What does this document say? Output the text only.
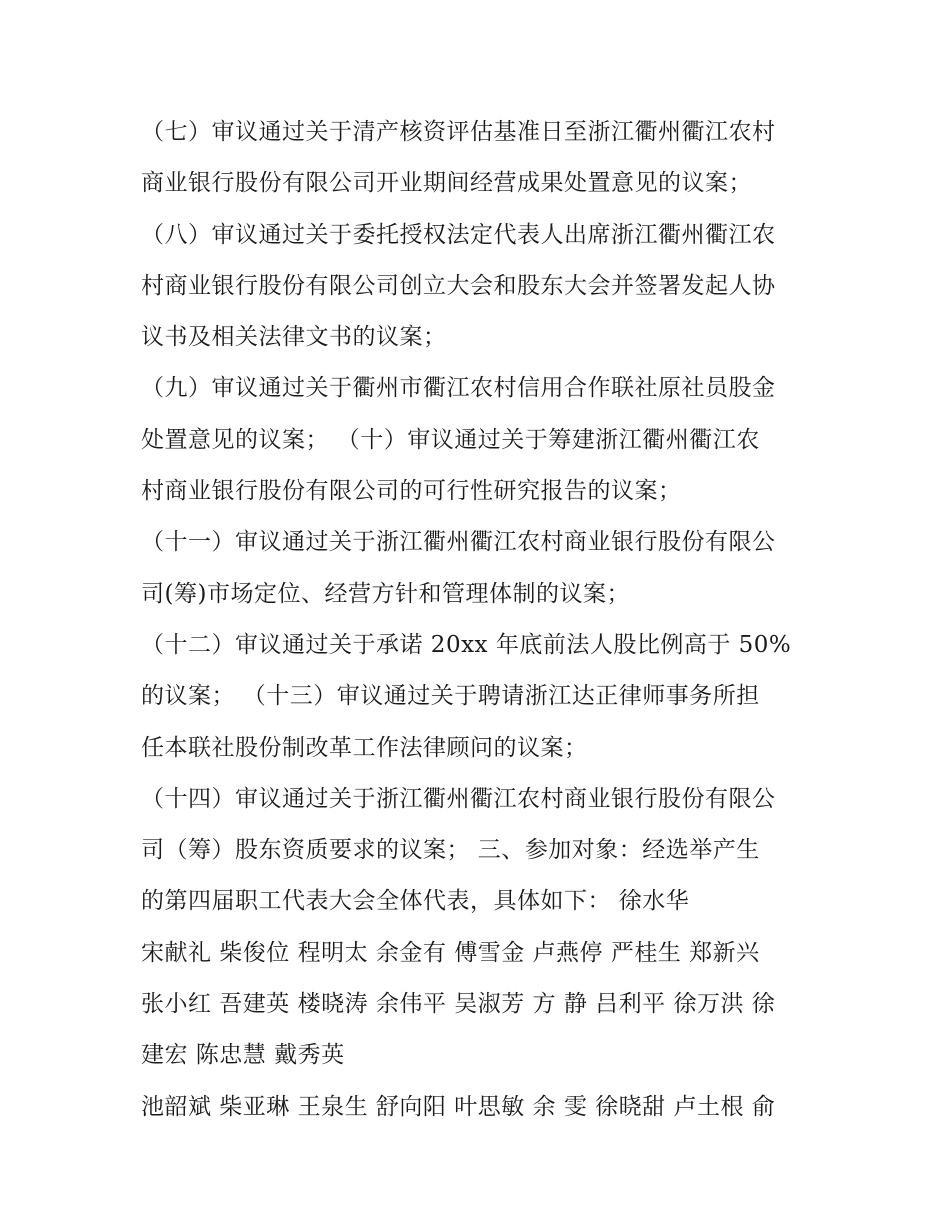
（七）审议通过关于清产核资评估基准日至浙江衢州衢江农村
商业银行股份有限公司开业期间经营成果处置意见的议案；
（八）审议通过关于委托授权法定代表人出席浙江衢州衢江农
村商业银行股份有限公司创立大会和股东大会并签署发起人协
议书及相关法律文书的议案；
（九）审议通过关于衢州市衢江农村信用合作联社原社员股金
处置意见的议案； （十）审议通过关于筹建浙江衢州衢江农
村商业银行股份有限公司的可行性研究报告的议案；
（十一）审议通过关于浙江衢州衢江农村商业银行股份有限公
司(筹)市场定位、经营方针和管理体制的议案；
（十二）审议通过关于承诺 20xx 年底前法人股比例高于 50%
的议案； （十三）审议通过关于聘请浙江达正律师事务所担
任本联社股份制改革工作法律顾问的议案；
（十四）审议通过关于浙江衢州衢江农村商业银行股份有限公
司（筹）股东资质要求的议案； 三、参加对象：经选举产生
的第四届职工代表大会全体代表，具体如下： 徐水华
宋献礼 柴俊位 程明太 余金有 傅雪金 卢燕停 严桂生 郑新兴
张小红 吾建英 楼晓涛 余伟平 吴淑芳 方 静 吕利平 徐万洪 徐
建宏 陈忠慧 戴秀英
池韶斌 柴亚琳 王泉生 舒向阳 叶思敏 余 雯 徐晓甜 卢土根 俞
